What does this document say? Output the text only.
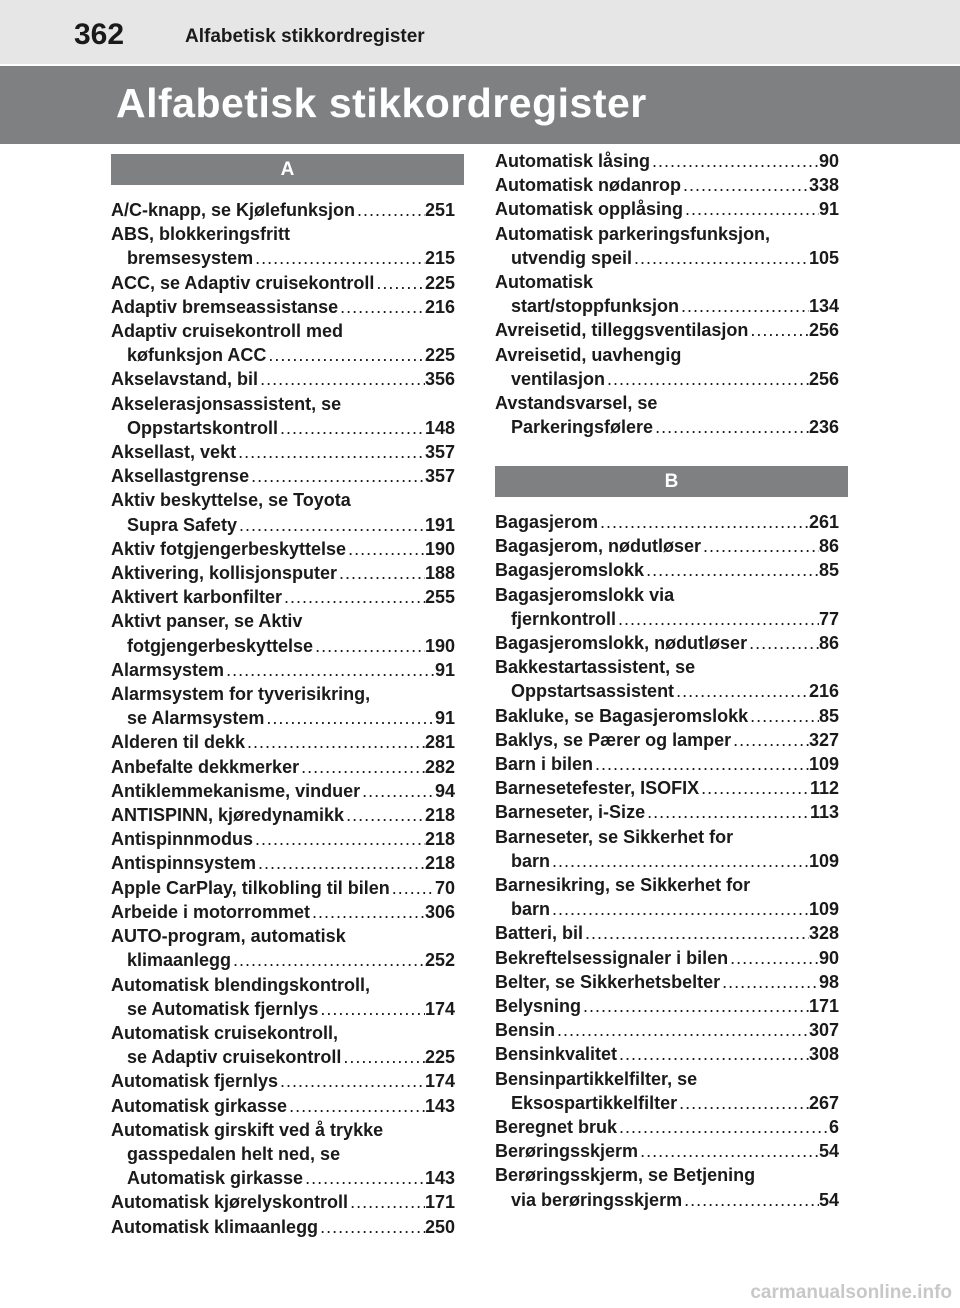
362	Alfabetisk stikkordregister
Alfabetisk stikkordregister
A
A/C-knapp, se Kjølefunksjon .....	251
ABS, blokkeringsfritt
bremsesystem .....	215
ACC, se Adaptiv cruisekontroll .....	225
Adaptiv bremseassistanse .....	216
Adaptiv cruisekontroll med
køfunksjon ACC .....	225
Akselavstand, bil .....	356
Akselerasjonsassistent, se
Oppstartskontroll .....	148
Aksellast, vekt .....	357
Aksellastgrense .....	357
Aktiv beskyttelse, se Toyota
Supra Safety .....	191
Aktiv fotgjengerbeskyttelse .....	190
Aktivering, kollisjonsputer .....	188
Aktivert karbonfilter .....	255
Aktivt panser, se Aktiv
fotgjengerbeskyttelse .....	190
Alarmsystem .....	91
Alarmsystem for tyverisikring,
se Alarmsystem .....	91
Alderen til dekk .....	281
Anbefalte dekkmerker .....	282
Antiklemmekanisme, vinduer .....	94
ANTISPINN, kjøredynamikk .....	218
Antispinnmodus .....	218
Antispinnsystem .....	218
Apple CarPlay, tilkobling til bilen .....	70
Arbeide i motorrommet .....	306
AUTO-program, automatisk
klimaanlegg .....	252
Automatisk blendingskontroll,
se Automatisk fjernlys .....	174
Automatisk cruisekontroll,
se Adaptiv cruisekontroll .....	225
Automatisk fjernlys .....	174
Automatisk girkasse .....	143
Automatisk girskift ved å trykke
gasspedalen helt ned, se
Automatisk girkasse .....	143
Automatisk kjørelyskontroll .....	171
Automatisk klimaanlegg .....	250
Automatisk låsing .....	90
Automatisk nødanrop .....	338
Automatisk opplåsing .....	91
Automatisk parkeringsfunksjon,
utvendig speil .....	105
Automatisk
start/stoppfunksjon .....	134
Avreisetid, tilleggsventilasjon .....	256
Avreisetid, uavhengig
ventilasjon .....	256
Avstandsvarsel, se
Parkeringsfølere .....	236
B
Bagasjerom .....	261
Bagasjerom, nødutløser .....	86
Bagasjeromslokk .....	85
Bagasjeromslokk via
fjernkontroll .....	77
Bagasjeromslokk, nødutløser .....	86
Bakkestartassistent, se
Oppstartsassistent .....	216
Bakluke, se Bagasjeromslokk .....	85
Baklys, se Pærer og lamper .....	327
Barn i bilen .....	109
Barnesetefester, ISOFIX .....	112
Barneseter, i-Size .....	113
Barneseter, se Sikkerhet for
barn .....	109
Barnesikring, se Sikkerhet for
barn .....	109
Batteri, bil .....	328
Bekreftelsessignaler i bilen .....	90
Belter, se Sikkerhetsbelter .....	98
Belysning .....	171
Bensin .....	307
Bensinkvalitet .....	308
Bensinpartikkelfilter, se
Eksospartikkelfilter .....	267
Beregnet bruk .....	6
Berøringsskjerm .....	54
Berøringsskjerm, se Betjening
via berøringsskjerm .....	54
carmanualsonline.info
